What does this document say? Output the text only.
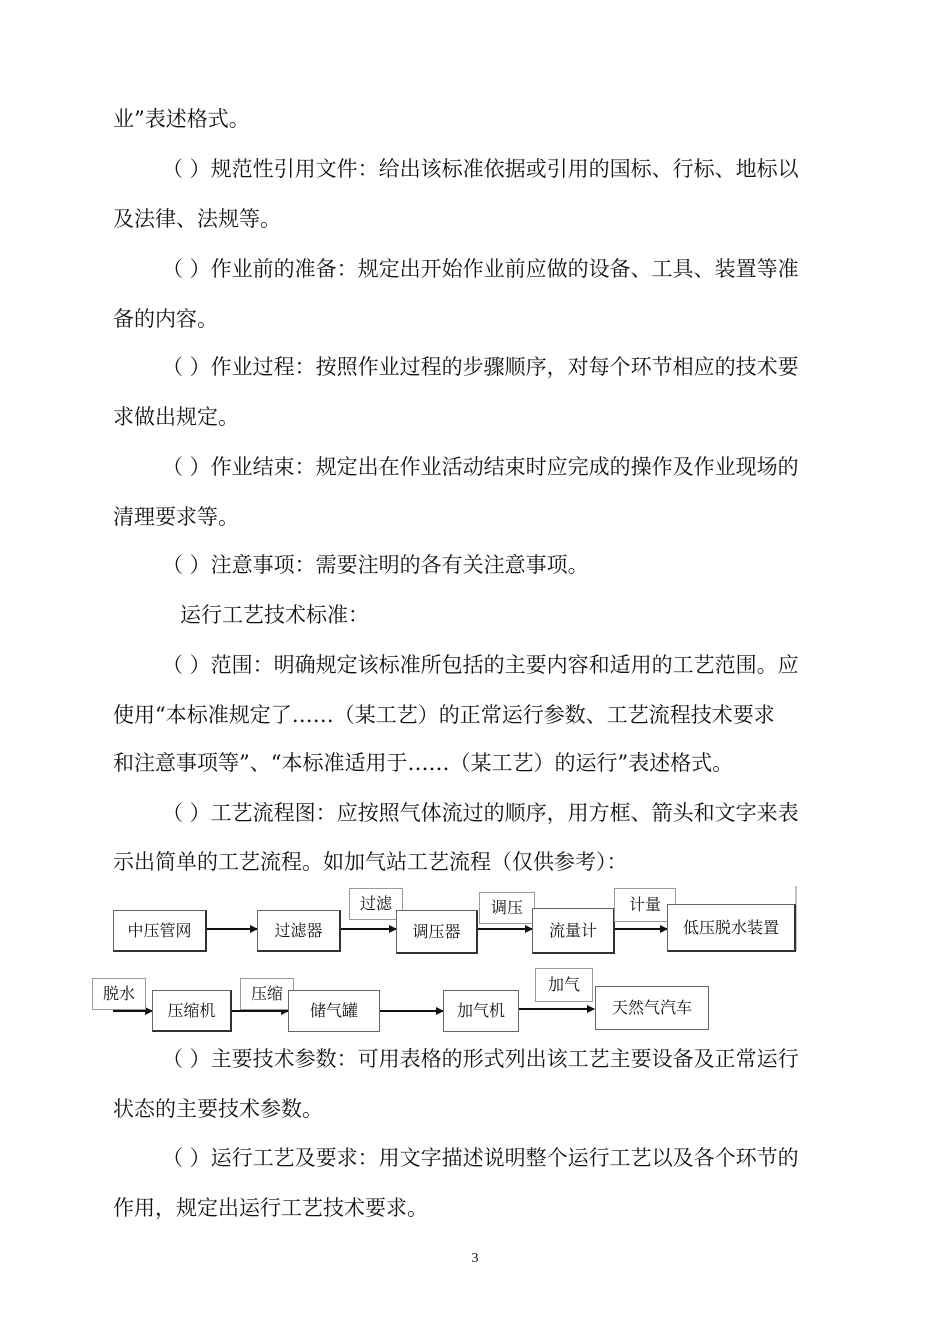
业”表述格式。
（ ）规范性引用文件：给出该标准依据或引用的国标、行标、地标以
及法律、法规等。
（ ）作业前的准备：规定出开始作业前应做的设备、工具、装置等准
备的内容。
（ ）作业过程：按照作业过程的步骤顺序，对每个环节相应的技术要
求做出规定。
（ ）作业结束：规定出在作业活动结束时应完成的操作及作业现场的
清理要求等。
（ ）注意事项：需要注明的各有关注意事项。
运行工艺技术标准：
（ ）范围：明确规定该标准所包括的主要内容和适用的工艺范围。应
使用“本标准规定了……（某工艺）的正常运行参数、工艺流程技术要求
和注意事项等”、“本标准适用于……（某工艺）的运行”表述格式。
（ ）工艺流程图：应按照气体流过的顺序，用方框、箭头和文字来表
示出简单的工艺流程。如加气站工艺流程（仅供参考）：
中压管网
过滤
过滤器	调压器
调压
流量计
计量
低压脱水装置
脱水
压缩机
压缩
储气罐	加气机
加气
天然气汽车
（ ）主要技术参数：可用表格的形式列出该工艺主要设备及正常运行
状态的主要技术参数。
（ ）运行工艺及要求：用文字描述说明整个运行工艺以及各个环节的
作用，规定出运行工艺技术要求。
3
